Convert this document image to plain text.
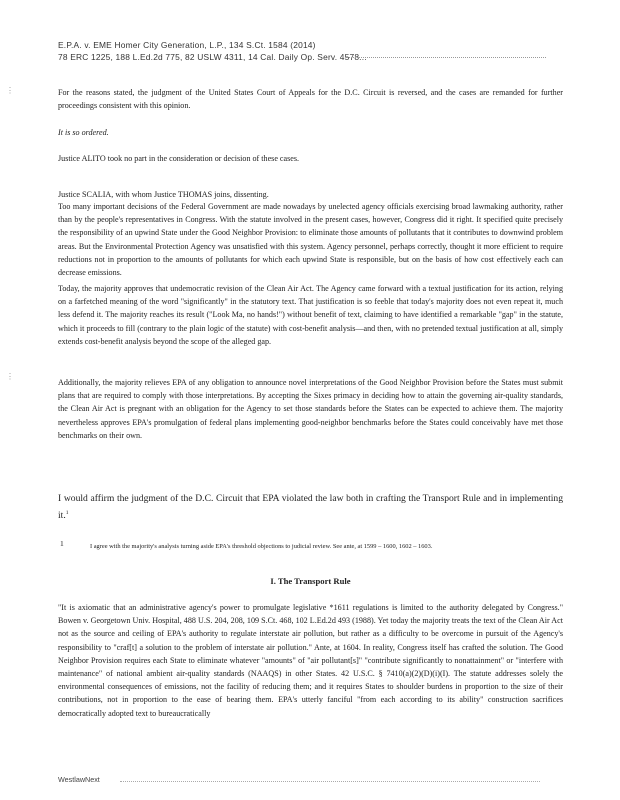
E.P.A. v. EME Homer City Generation, L.P., 134 S.Ct. 1584 (2014)
78 ERC 1225, 188 L.Ed.2d 775, 82 USLW 4311, 14 Cal. Daily Op. Serv. 4578...
⋮
⋮

For the reasons stated, the judgment of the United States Court of Appeals for the D.C. Circuit is reversed, and the cases are remanded for further proceedings consistent with this opinion.

It is so ordered.

Justice ALITO took no part in the consideration or decision of these cases.

Justice SCALIA, with whom Justice THOMAS joins, dissenting.

Too many important decisions of the Federal Government are made nowadays by unelected agency officials exercising broad lawmaking authority, rather than by the people's representatives in Congress. With the statute involved in the present cases, however, Congress did it right. It specified quite precisely the responsibility of an upwind State under the Good Neighbor Provision: to eliminate those amounts of pollutants that it contributes to downwind problem areas. But the Environmental Protection Agency was unsatisfied with this system. Agency personnel, perhaps correctly, thought it more efficient to require reductions not in proportion to the amounts of pollutants for which each upwind State is responsible, but on the basis of how cost effectively each can decrease emissions.

Today, the majority approves that undemocratic revision of the Clean Air Act. The Agency came forward with a textual justification for its action, relying on a farfetched meaning of the word "significantly" in the statutory text. That justification is so feeble that today's majority does not even repeat it, much less defend it. The majority reaches its result ("Look Ma, no hands!") without benefit of text, claiming to have identified a remarkable "gap" in the statute, which it proceeds to fill (contrary to the plain logic of the statute) with cost-benefit analysis—and then, with no pretended textual justification at all, simply extends cost-benefit analysis beyond the scope of the alleged gap.

Additionally, the majority relieves EPA of any obligation to announce novel interpretations of the Good Neighbor Provision before the States must submit plans that are required to comply with those interpretations. By accepting the Sixes primacy in deciding how to attain the governing air-quality standards, the Clean Air Act is pregnant with an obligation for the Agency to set those standards before the States can be expected to achieve them. The majority nevertheless approves EPA's promulgation of federal plans implementing good-neighbor benchmarks before the States could conceivably have met those benchmarks on their own.

I would affirm the judgment of the D.C. Circuit that EPA violated the law both in crafting the Transport Rule and in implementing it.$^1$

1	I agree with the majority's analysis turning aside EPA's threshold objections to judicial review. See ante, at 1599 – 1600, 1602 – 1603.
I. The Transport Rule

"It is axiomatic that an administrative agency's power to promulgate legislative *1611 regulations is limited to the authority delegated by Congress." Bowen v. Georgetown Univ. Hospital, 488 U.S. 204, 208, 109 S.Ct. 468, 102 L.Ed.2d 493 (1988). Yet today the majority treats the text of the Clean Air Act not as the source and ceiling of EPA's authority to regulate interstate air pollution, but rather as a difficulty to be overcome in pursuit of the Agency's responsibility to "craf[t] a solution to the problem of interstate air pollution." Ante, at 1604. In reality, Congress itself has crafted the solution. The Good Neighbor Provision requires each State to eliminate whatever "amounts" of "air pollutant[s]" "contribute significantly to nonattainment" or "interfere with maintenance" of national ambient air-quality standards (NAAQS) in other States. 42 U.S.C. § 7410(a)(2)(D)(i)(I). The statute addresses solely the environmental consequences of emissions, not the facility of reducing them; and it requires States to shoulder burdens in proportion to the size of their contributions, not in proportion to the ease of bearing them. EPA's utterly fanciful "from each according to its ability" construction sacrifices democratically adopted text to bureaucratically

WestlawNext
